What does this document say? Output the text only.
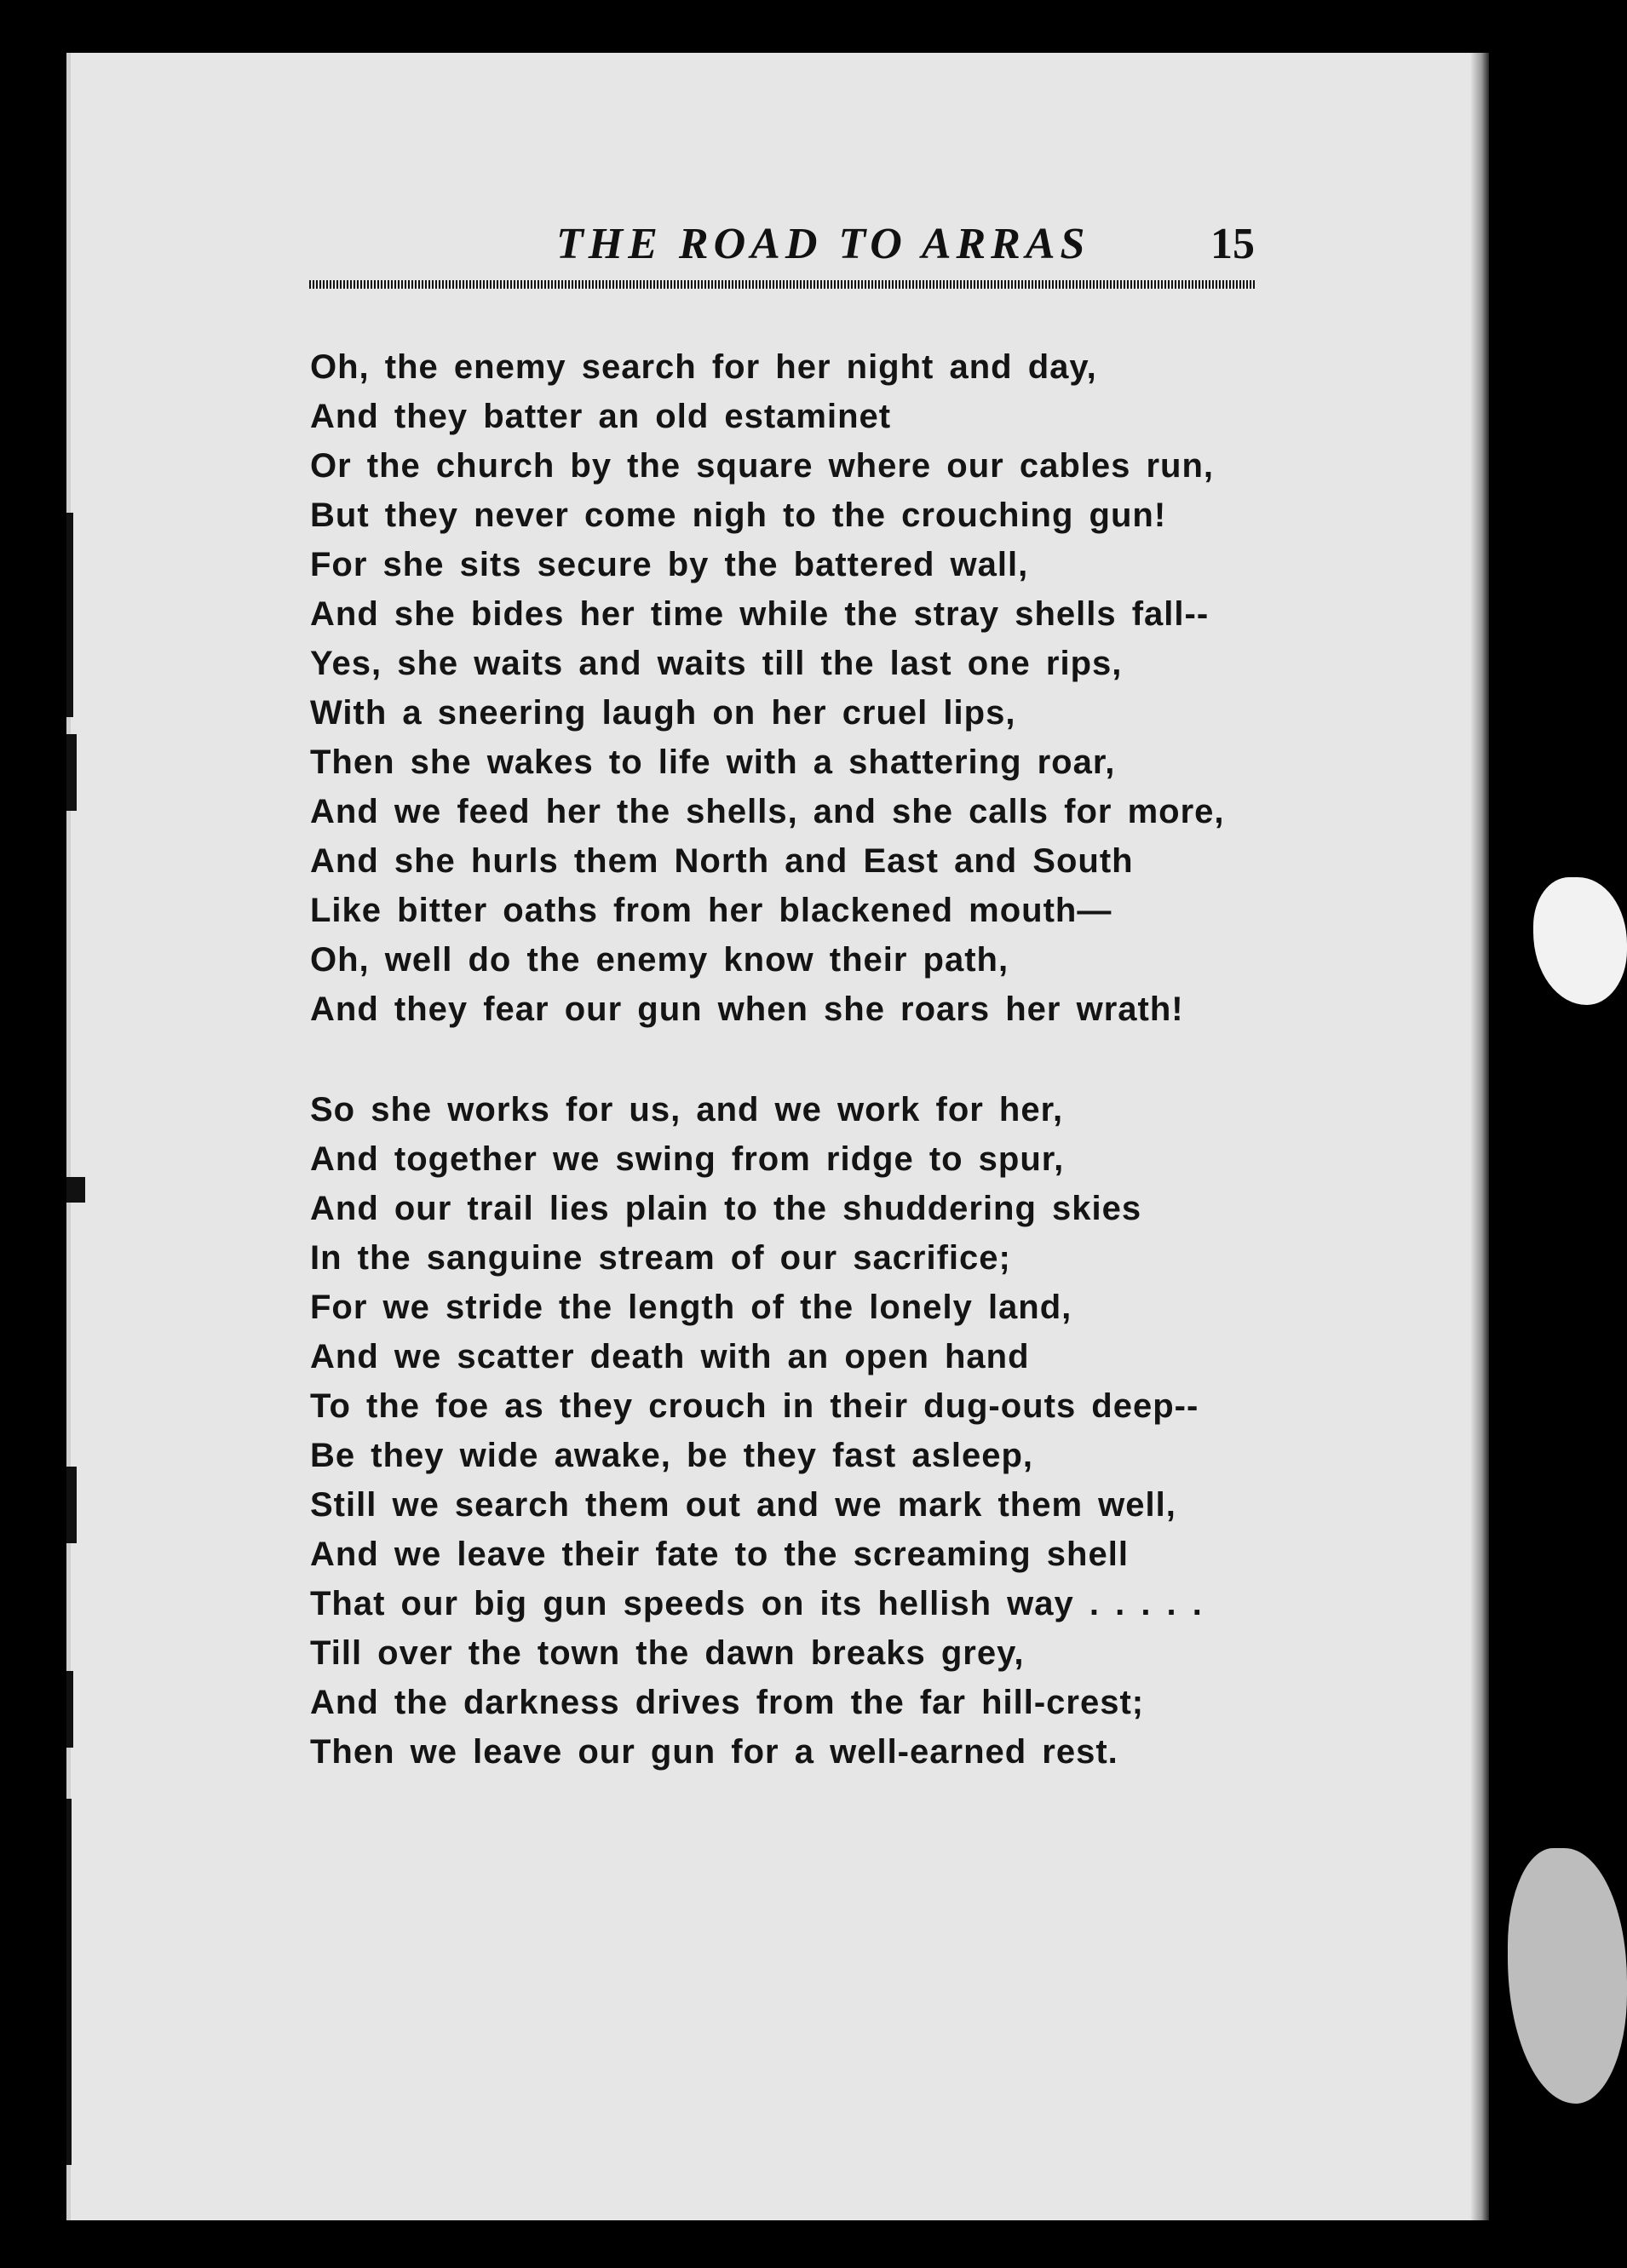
THE ROAD TO ARRAS	15
Oh, the enemy search for her night and day,
And they batter an old estaminet
Or the church by the square where our cables run,
But they never come nigh to the crouching gun!
For she sits secure by the battered wall,
And she bides her time while the stray shells fall--
Yes, she waits and waits till the last one rips,
With a sneering laugh on her cruel lips,
Then she wakes to life with a shattering roar,
And we feed her the shells, and she calls for more,
And she hurls them North and East and South
Like bitter oaths from her blackened mouth—
Oh, well do the enemy know their path,
And they fear our gun when she roars her wrath!
So she works for us, and we work for her,
And together we swing from ridge to spur,
And our trail lies plain to the shuddering skies
In the sanguine stream of our sacrifice;
For we stride the length of the lonely land,
And we scatter death with an open hand
To the foe as they crouch in their dug-outs deep--
Be they wide awake, be they fast asleep,
Still we search them out and we mark them well,
And we leave their fate to the screaming shell
That our big gun speeds on its hellish way . . . . .
Till over the town the dawn breaks grey,
And the darkness drives from the far hill-crest;
Then we leave our gun for a well-earned rest.
